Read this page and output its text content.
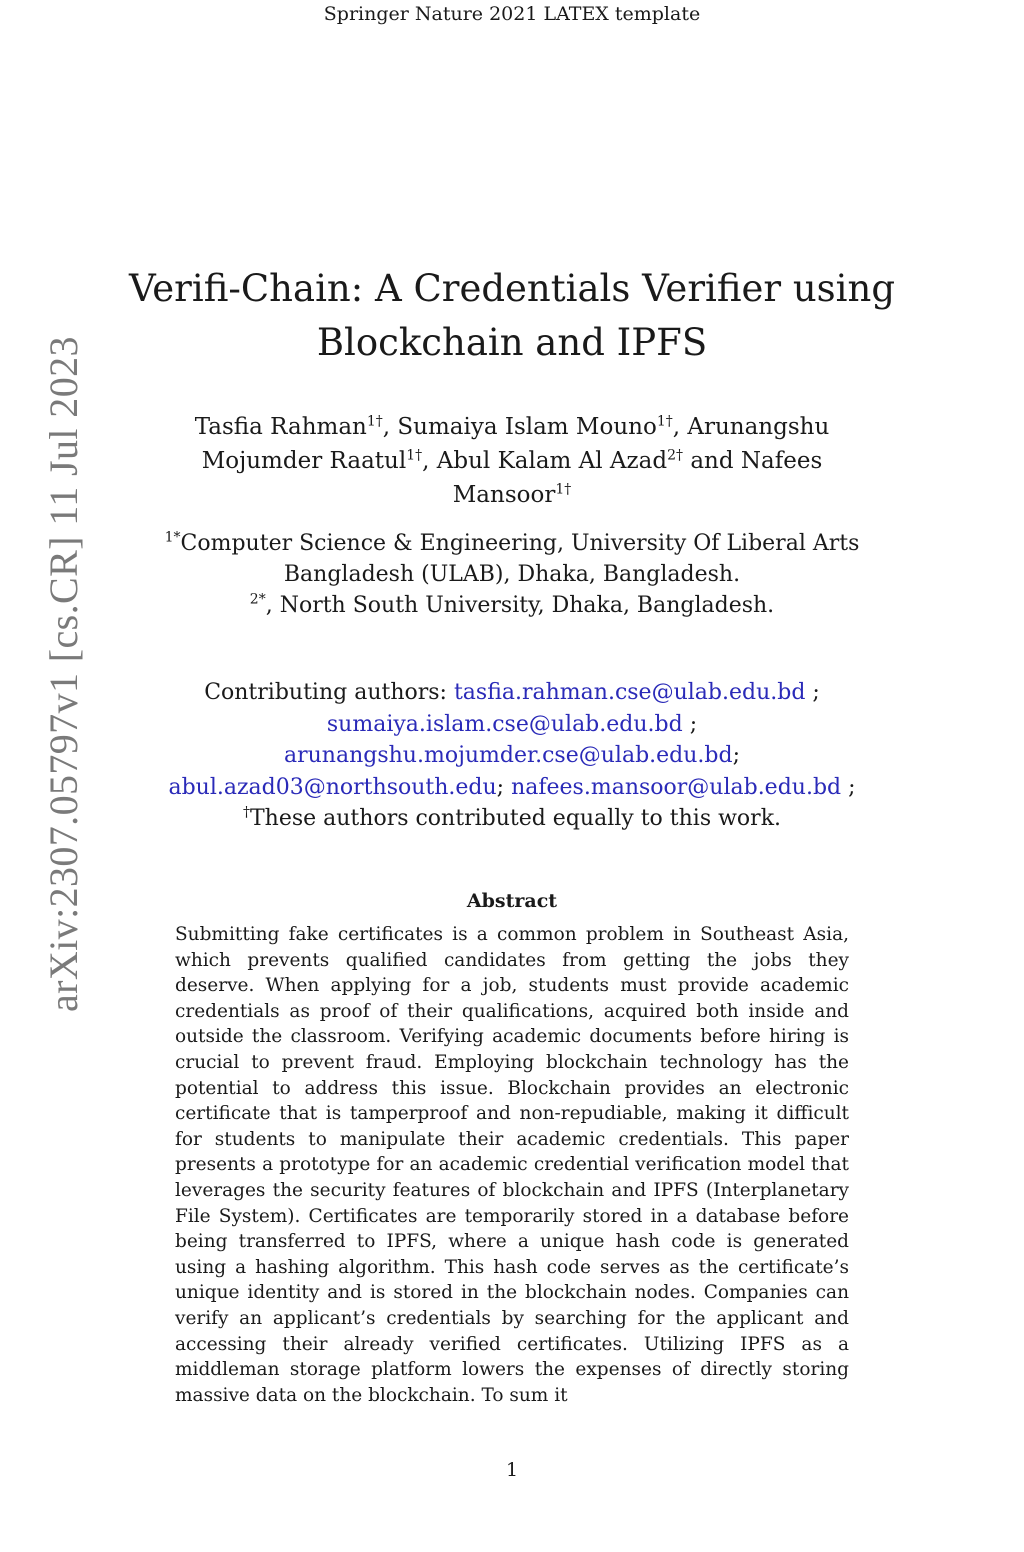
Springer Nature 2021 LATEX template
arXiv:2307.05797v1 [cs.CR] 11 Jul 2023
Verifi-Chain: A Credentials Verifier using Blockchain and IPFS
Tasfia Rahman$^{1\dagger}$, Sumaiya Islam Mouno$^{1\dagger}$, Arunangshu Mojumder Raatul$^{1\dagger}$, Abul Kalam Al Azad$^{2\dagger}$ and Nafees Mansoor$^{1\dagger}$
$^{1*}$Computer Science & Engineering, University Of Liberal Arts Bangladesh (ULAB), Dhaka, Bangladesh.
$^{2*}$, North South University, Dhaka, Bangladesh.
Contributing authors: tasfia.rahman.cse@ulab.edu.bd ; sumaiya.islam.cse@ulab.edu.bd ; arunangshu.mojumder.cse@ulab.edu.bd; abul.azad03@northsouth.edu; nafees.mansoor@ulab.edu.bd ;
†These authors contributed equally to this work.
Abstract

Submitting fake certificates is a common problem in Southeast Asia, which prevents qualified candidates from getting the jobs they deserve. When applying for a job, students must provide academic credentials as proof of their qualifications, acquired both inside and outside the classroom. Verifying academic documents before hiring is crucial to prevent fraud. Employing blockchain technology has the potential to address this issue. Blockchain provides an electronic certificate that is tamperproof and non-repudiable, making it difficult for students to manipulate their academic credentials. This paper presents a prototype for an academic credential verification model that leverages the security features of blockchain and IPFS (Interplanetary File System). Certificates are temporarily stored in a database before being transferred to IPFS, where a unique hash code is generated using a hashing algorithm. This hash code serves as the certificate’s unique identity and is stored in the blockchain nodes. Companies can verify an applicant’s credentials by searching for the applicant and accessing their already verified certificates. Utilizing IPFS as a middleman storage platform lowers the expenses of directly storing massive data on the blockchain. To sum it

1
